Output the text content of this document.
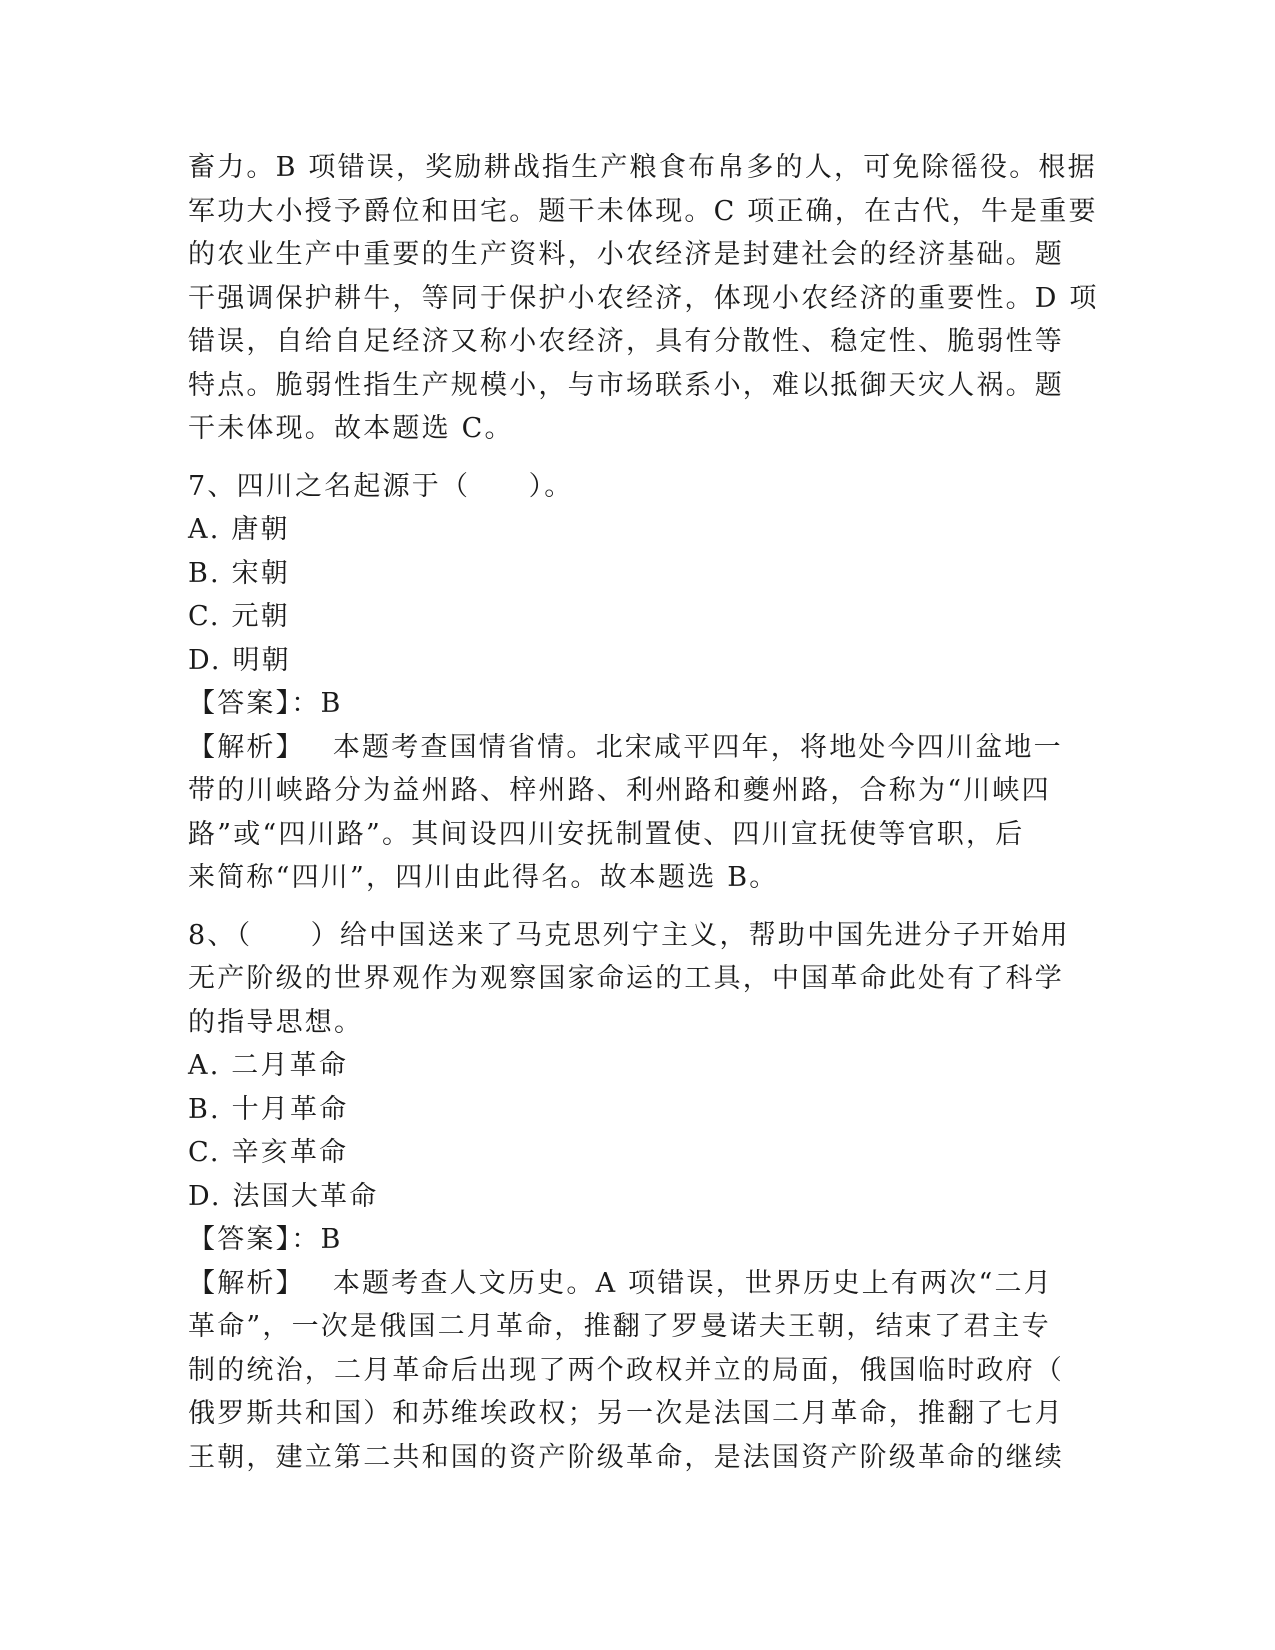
畜力。B 项错误，奖励耕战指生产粮食布帛多的人，可免除徭役。根据
军功大小授予爵位和田宅。题干未体现。C 项正确，在古代，牛是重要
的农业生产中重要的生产资料，小农经济是封建社会的经济基础。题
干强调保护耕牛，等同于保护小农经济，体现小农经济的重要性。D 项
错误，自给自足经济又称小农经济，具有分散性、稳定性、脆弱性等
特点。脆弱性指生产规模小，与市场联系小，难以抵御天灾人祸。题
干未体现。故本题选 C。
7、四川之名起源于（　　）。
A. 唐朝
B. 宋朝
C. 元朝
D. 明朝
【答案】：B
【解析】 本题考查国情省情。北宋咸平四年，将地处今四川盆地一
带的川峡路分为益州路、梓州路、利州路和夔州路，合称为“川峡四
路”或“四川路”。其间设四川安抚制置使、四川宣抚使等官职，后
来简称“四川”，四川由此得名。故本题选 B。
8、（　　）给中国送来了马克思列宁主义，帮助中国先进分子开始用
无产阶级的世界观作为观察国家命运的工具，中国革命此处有了科学
的指导思想。
A. 二月革命
B. 十月革命
C. 辛亥革命
D. 法国大革命
【答案】：B
【解析】 本题考查人文历史。A 项错误，世界历史上有两次“二月
革命”，一次是俄国二月革命，推翻了罗曼诺夫王朝，结束了君主专
制的统治，二月革命后出现了两个政权并立的局面，俄国临时政府（
俄罗斯共和国）和苏维埃政权；另一次是法国二月革命，推翻了七月
王朝，建立第二共和国的资产阶级革命，是法国资产阶级革命的继续
